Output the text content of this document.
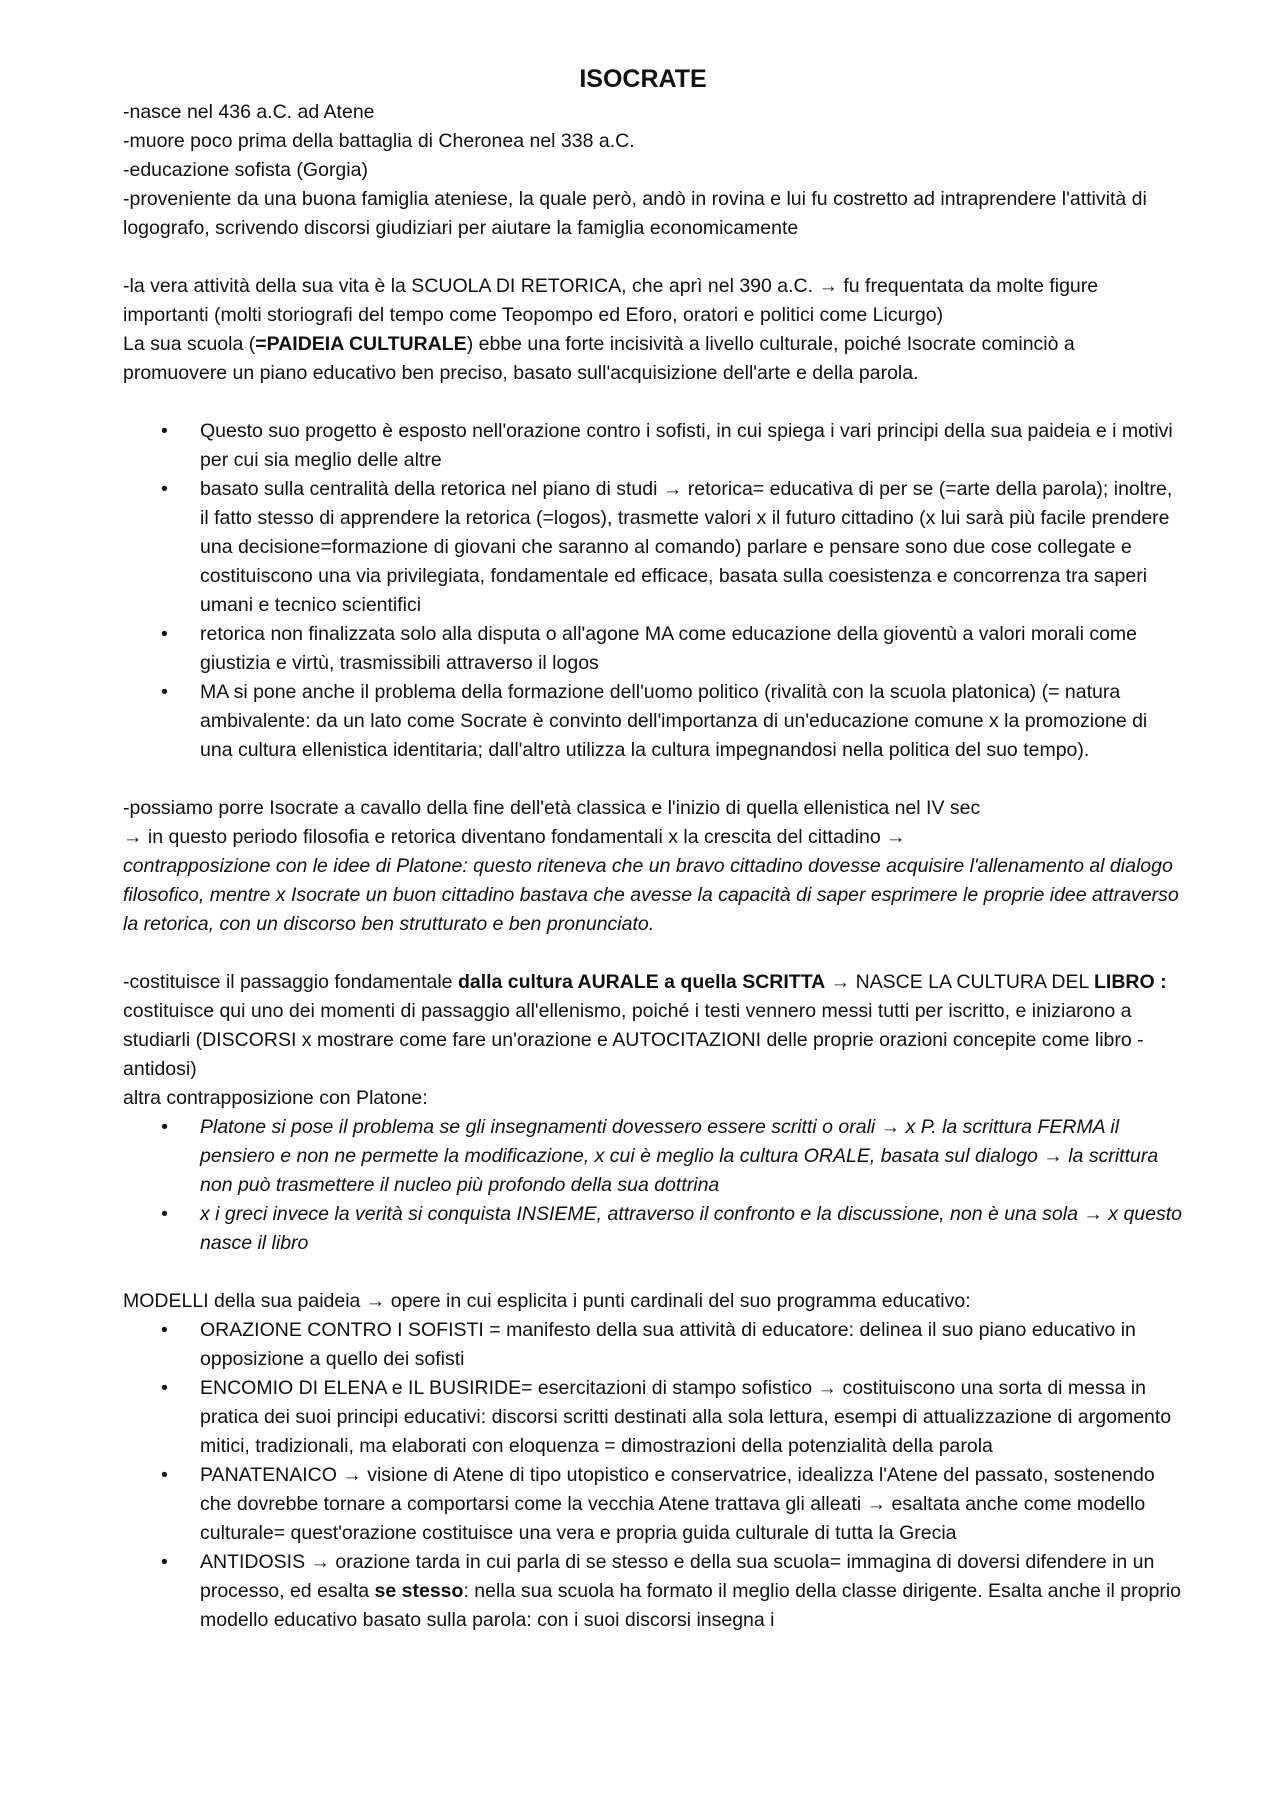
ISOCRATE

-nasce nel 436 a.C. ad Atene

-muore poco prima della battaglia di Cheronea nel 338 a.C.

-educazione sofista (Gorgia)

-proveniente da una buona famiglia ateniese, la quale però, andò in rovina e lui fu costretto ad intraprendere l'attività di logografo, scrivendo discorsi giudiziari per aiutare la famiglia economicamente

-la vera attività della sua vita è la SCUOLA DI RETORICA, che aprì nel 390 a.C. → fu frequentata da molte figure importanti (molti storiografi del tempo come Teopompo ed Eforo, oratori e politici come Licurgo)

La sua scuola (=PAIDEIA CULTURALE) ebbe una forte incisività a livello culturale, poiché Isocrate cominciò a promuovere un piano educativo ben preciso, basato sull'acquisizione dell'arte e della parola.

• Questo suo progetto è esposto nell'orazione contro i sofisti, in cui spiega i vari principi della sua paideia e i motivi per cui sia meglio delle altre
• basato sulla centralità della retorica nel piano di studi → retorica= educativa di per se (=arte della parola); inoltre, il fatto stesso di apprendere la retorica (=logos), trasmette valori x il futuro cittadino (x lui sarà più facile prendere una decisione=formazione di giovani che saranno al comando) parlare e pensare sono due cose collegate e costituiscono una via privilegiata, fondamentale ed efficace, basata sulla coesistenza e concorrenza tra saperi umani e tecnico scientifici
• retorica non finalizzata solo alla disputa o all'agone MA come educazione della gioventù a valori morali come giustizia e virtù, trasmissibili attraverso il logos
• MA si pone anche il problema della formazione dell'uomo politico (rivalità con la scuola platonica) (= natura ambivalente: da un lato come Socrate è convinto dell'importanza di un'educazione comune x la promozione di una cultura ellenistica identitaria; dall'altro utilizza la cultura impegnandosi nella politica del suo tempo).

-possiamo porre Isocrate a cavallo della fine dell'età classica e l'inizio di quella ellenistica nel IV sec

→ in questo periodo filosofia e retorica diventano fondamentali x la crescita del cittadino →

contrapposizione con le idee di Platone: questo riteneva che un bravo cittadino dovesse acquisire l'allenamento al dialogo filosofico, mentre x Isocrate un buon cittadino bastava che avesse la capacità di saper esprimere le proprie idee attraverso la retorica, con un discorso ben strutturato e ben pronunciato.

-costituisce il passaggio fondamentale dalla cultura AURALE a quella SCRITTA → NASCE LA CULTURA DEL LIBRO : costituisce qui uno dei momenti di passaggio all'ellenismo, poiché i testi vennero messi tutti per iscritto, e iniziarono a studiarli (DISCORSI x mostrare come fare un'orazione e AUTOCITAZIONI delle proprie orazioni concepite come libro -antidosi)

altra contrapposizione con Platone:

• Platone si pose il problema se gli insegnamenti dovessero essere scritti o orali → x P. la scrittura FERMA il pensiero e non ne permette la modificazione, x cui è meglio la cultura ORALE, basata sul dialogo → la scrittura non può trasmettere il nucleo più profondo della sua dottrina
• x i greci invece la verità si conquista INSIEME, attraverso il confronto e la discussione, non è una sola → x questo nasce il libro

MODELLI della sua paideia → opere in cui esplicita i punti cardinali del suo programma educativo:

• ORAZIONE CONTRO I SOFISTI = manifesto della sua attività di educatore: delinea il suo piano educativo in opposizione a quello dei sofisti
• ENCOMIO DI ELENA e IL BUSIRIDE= esercitazioni di stampo sofistico → costituiscono una sorta di messa in pratica dei suoi principi educativi: discorsi scritti destinati alla sola lettura, esempi di attualizzazione di argomento mitici, tradizionali, ma elaborati con eloquenza = dimostrazioni della potenzialità della parola
• PANATENAICO → visione di Atene di tipo utopistico e conservatrice, idealizza l'Atene del passato, sostenendo che dovrebbe tornare a comportarsi come la vecchia Atene trattava gli alleati → esaltata anche come modello culturale= quest'orazione costituisce una vera e propria guida culturale di tutta la Grecia
• ANTIDOSIS → orazione tarda in cui parla di se stesso e della sua scuola= immagina di doversi difendere in un processo, ed esalta se stesso: nella sua scuola ha formato il meglio della classe dirigente. Esalta anche il proprio modello educativo basato sulla parola: con i suoi discorsi insegna i
